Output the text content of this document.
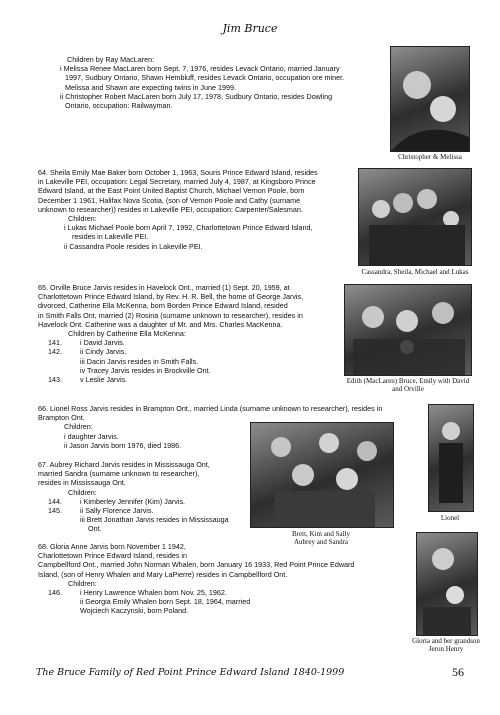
Jim Bruce
Children by Ray MacLaren:
i Melissa Renee MacLaren born Sept. 7, 1976, resides Levack Ontario, married January
1997, Sudbury Ontario, Shawn Hembluff, resides Levack Ontario, occupation ore miner.
Melissa and Shawn are expecting twins in June 1999.
ii Christopher Robert MacLaren born July 17, 1978, Sudbury Ontario, resides Dowling
Ontario, occupation: Railwayman.
Christopher & Melissa
64. Sheila Emily Mae Baker born October 1, 1963, Souris Prince Edward Island, resides
in Lakeville PEI, occupation: Legal Secretary, married July 4, 1987, at Kingsboro Prince
Edward Island, at the East Point United Baptist Church, Michael Vernon Poole, born
December 1 1961, Halifax Nova Scotia, (son of Vernon Poole and Cathy (surname
unknown to researcher)) resides in Lakeville PEI, occupation: Carpenter/Salesman.
Children:
i Lukas Michael Poole born April 7, 1992, Charlottetown Prince Edward Island,
resides in Lakeville PEI.
ii Cassandra Poole resides in Lakeville PEI.
Cassandra, Sheila, Michael and Lukas
65. Orville Bruce Jarvis resides in Havelock Ont., married (1) Sept. 20, 1959, at
Charlottetown Prince Edward Island, by Rev. H. R. Bell, the home of George Jarvis,
divorced, Catherine Ella McKenna, born Borden Prince Edward Island, resided
in Smith Falls Ont, married (2) Rosina (surname unknown to researcher), resides in
Havelock Ont. Catherine was a daughter of Mr. and Mrs. Charles MacKenna.
Children by Catherine Ella McKenna:
141.	i David Jarvis.
142.	ii Cindy Jarvis.
iii Dacin Jarvis resides in Smith Falls.
iv Tracey Jarvis resides in Brockville Ont.
143.	v Leslie Jarvis.	Edith (MacLaren) Bruce, Emily with David
and Orville
66. Lionel Ross Jarvis resides in Brampton Ont., married Linda (surname unknown to researcher), resides in
Brampton Ont.
Children:
i daughter Jarvis.
ii Jason Jarvis born 1976, died 1986.
67. Aubrey Richard Jarvis resides in Mississauga Ont,
married Sandra (surname unknown to researcher),
resides in Mississauga Ont.
Children:
144.	i Kimberley Jennifer (Kim) Jarvis.
145.	ii Sally Florence Jarvis.
iii Brett Jonathan Jarvis resides in Mississauga
Ont.
Brett, Kim and Sally
Aubrey and Sandra
Lionel
68. Gloria Anne Jarvis born November 1 1942,
Charlottetown Prince Edward Island, resides in
Campbellford Ont., married John Norman Whalen, born January 16 1933, Red Point Prince Edward
Island, (son of Henry Whalen and Mary LaPierre) resides in Campbellford Ont.
Children:
146.	i Henry Lawrence Whalen born Nov. 25, 1962.
ii Georgia Emily Whalen born Sept. 18, 1964, married
Wojciech Kaczynski, born Poland.
Gloria and her grandson
Jeron Henry
The Bruce Family of Red Point Prince Edward Island 1840-1999	56
